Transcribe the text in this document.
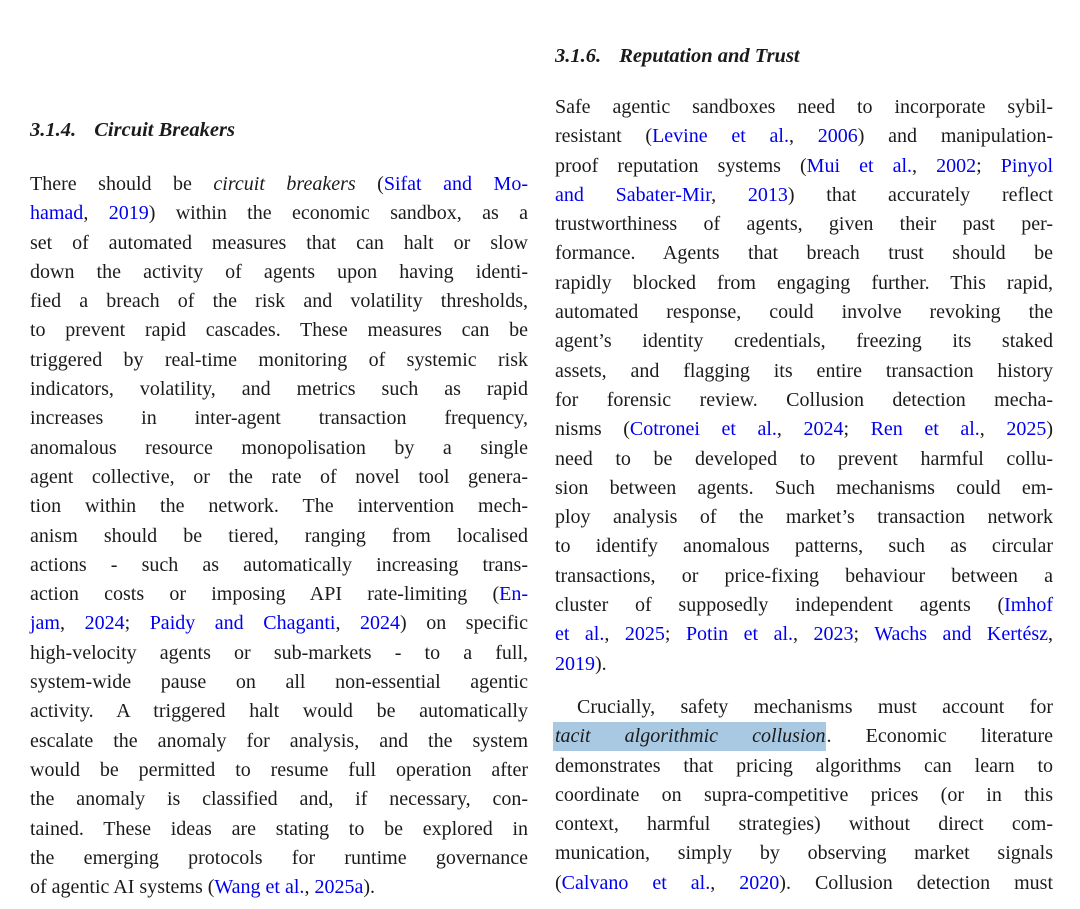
3.1.4. Circuit Breakers
There should be circuit breakers (Sifat and Mo-
hamad, 2019) within the economic sandbox, as a
set of automated measures that can halt or slow
down the activity of agents upon having identi-
fied a breach of the risk and volatility thresholds,
to prevent rapid cascades. These measures can be
triggered by real-time monitoring of systemic risk
indicators, volatility, and metrics such as rapid
increases in inter-agent transaction frequency,
anomalous resource monopolisation by a single
agent collective, or the rate of novel tool genera-
tion within the network. The intervention mech-
anism should be tiered, ranging from localised
actions - such as automatically increasing trans-
action costs or imposing API rate-limiting (En-
jam, 2024; Paidy and Chaganti, 2024) on specific
high-velocity agents or sub-markets - to a full,
system-wide pause on all non-essential agentic
activity. A triggered halt would be automatically
escalate the anomaly for analysis, and the system
would be permitted to resume full operation after
the anomaly is classified and, if necessary, con-
tained. These ideas are stating to be explored in
the emerging protocols for runtime governance
of agentic AI systems (Wang et al., 2025a).
3.1.6. Reputation and Trust
Safe agentic sandboxes need to incorporate sybil-
resistant (Levine et al., 2006) and manipulation-
proof reputation systems (Mui et al., 2002; Pinyol
and Sabater-Mir, 2013) that accurately reflect
trustworthiness of agents, given their past per-
formance. Agents that breach trust should be
rapidly blocked from engaging further. This rapid,
automated response, could involve revoking the
agent’s identity credentials, freezing its staked
assets, and flagging its entire transaction history
for forensic review. Collusion detection mecha-
nisms (Cotronei et al., 2024; Ren et al., 2025)
need to be developed to prevent harmful collu-
sion between agents. Such mechanisms could em-
ploy analysis of the market’s transaction network
to identify anomalous patterns, such as circular
transactions, or price-fixing behaviour between a
cluster of supposedly independent agents (Imhof
et al., 2025; Potin et al., 2023; Wachs and Kertész,
2019).
Crucially, safety mechanisms must account for
tacit algorithmic collusion. Economic literature
demonstrates that pricing algorithms can learn to
coordinate on supra-competitive prices (or in this
context, harmful strategies) without direct com-
munication, simply by observing market signals
(Calvano et al., 2020). Collusion detection must
